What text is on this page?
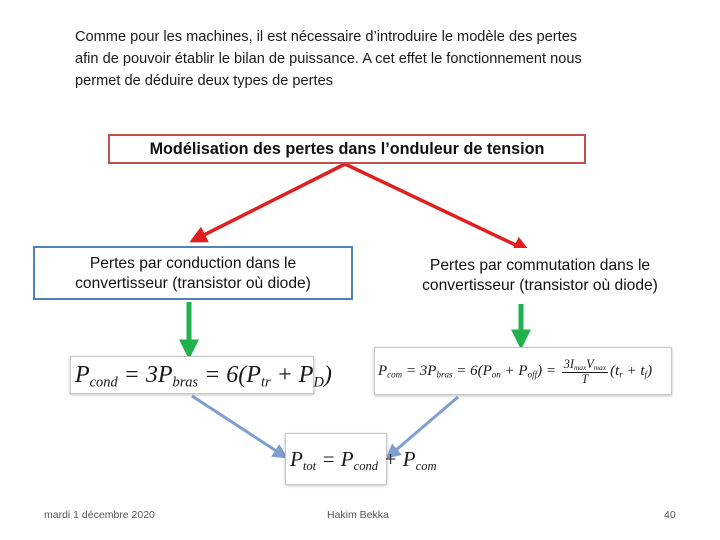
Comme pour les machines, il est nécessaire d’introduire le modèle des pertes
afin de pouvoir établir le bilan de puissance. A cet effet le fonctionnement nous
permet de déduire deux types de pertes
Modélisation des pertes dans l’onduleur de tension
Pertes par conduction dans le
convertisseur (transistor où diode)
Pertes par commutation dans le
convertisseur (transistor où diode)
$P_{cond} = 3P_{bras} = 6(P_{tr} + P_D)$	$P_{com} = 3P_{bras} = 6(P_{on} + P_{off}) = \frac{3I_{max}V_{max}}{T} (t_r + t_f)$
$P_{tot} = P_{cond} + P_{com}$
mardi 1 décembre 2020	Hakim Bekka	40
